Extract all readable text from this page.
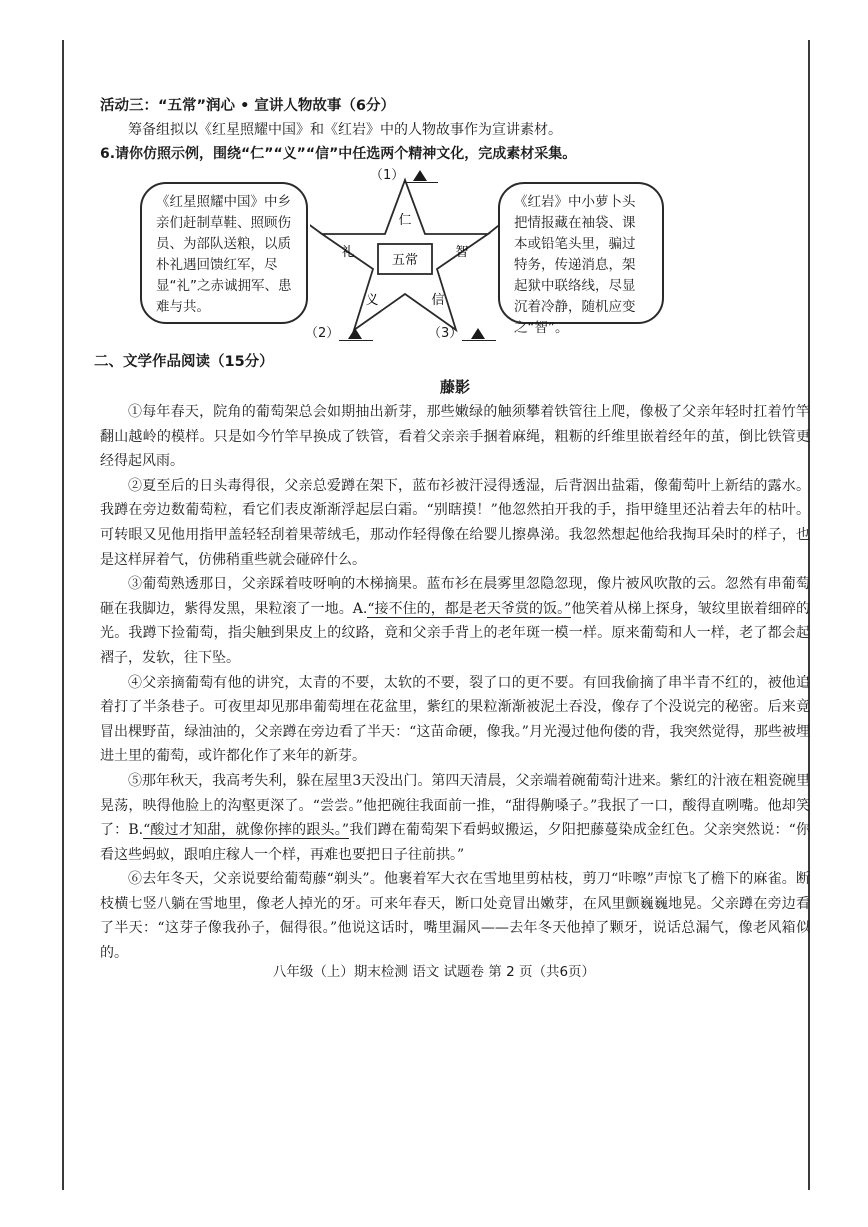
活动三：“五常”润心 • 宣讲人物故事（6分）
筹备组拟以《红星照耀中国》和《红岩》中的人物故事作为宣讲素材。
6.请你仿照示例，围绕“仁”“义”“信”中任选两个精神文化，完成素材采集。
《红星照耀中国》中乡亲们赶制草鞋、照顾伤员、为部队送粮，以质朴礼遇回馈红军，尽显“礼”之赤诚拥军、患难与共。
五常
仁
礼	智
义	信
（1）
（2）	（3）
《红岩》中小萝卜头把情报藏在袖袋、课本或铅笔头里，骗过特务，传递消息，架起狱中联络线，尽显沉着冷静，随机应变之“智”。
二、文学作品阅读（15分）
藤影

①每年春天，院角的葡萄架总会如期抽出新芽，那些嫩绿的触须攀着铁管往上爬，像极了父亲年轻时扛着竹竿翻山越岭的模样。只是如今竹竿早换成了铁管，看着父亲亲手捆着麻绳，粗粝的纤维里嵌着经年的茧，倒比铁管更经得起风雨。

②夏至后的日头毒得很，父亲总爱蹲在架下，蓝布衫被汗浸得透湿，后背洇出盐霜，像葡萄叶上新结的露水。我蹲在旁边数葡萄粒，看它们表皮渐渐浮起层白霜。“别瞎摸！”他忽然拍开我的手，指甲缝里还沾着去年的枯叶。可转眼又见他用指甲盖轻轻刮着果蒂绒毛，那动作轻得像在给婴儿擦鼻涕。我忽然想起他给我掏耳朵时的样子，也是这样屏着气，仿佛稍重些就会碰碎什么。

③葡萄熟透那日，父亲踩着吱呀响的木梯摘果。蓝布衫在晨雾里忽隐忽现，像片被风吹散的云。忽然有串葡萄砸在我脚边，紫得发黑，果粒滚了一地。A.“接不住的，都是老天爷赏的饭。”他笑着从梯上探身，皱纹里嵌着细碎的光。我蹲下捡葡萄，指尖触到果皮上的纹路，竟和父亲手背上的老年斑一模一样。原来葡萄和人一样，老了都会起褶子，发软，往下坠。

④父亲摘葡萄有他的讲究，太青的不要，太软的不要，裂了口的更不要。有回我偷摘了串半青不红的，被他追着打了半条巷子。可夜里却见那串葡萄埋在花盆里，紫红的果粒渐渐被泥土吞没，像存了个没说完的秘密。后来竟冒出棵野苗，绿油油的，父亲蹲在旁边看了半天：“这苗命硬，像我。”月光漫过他佝偻的背，我突然觉得，那些被埋进土里的葡萄，或许都化作了来年的新芽。

⑤那年秋天，我高考失利，躲在屋里3天没出门。第四天清晨，父亲端着碗葡萄汁进来。紫红的汁液在粗瓷碗里晃荡，映得他脸上的沟壑更深了。“尝尝。”他把碗往我面前一推，“甜得齁嗓子。”我抿了一口，酸得直咧嘴。他却笑了：B.“酸过才知甜，就像你摔的跟头。”我们蹲在葡萄架下看蚂蚁搬运，夕阳把藤蔓染成金红色。父亲突然说：“你看这些蚂蚁，跟咱庄稼人一个样，再难也要把日子往前拱。”

⑥去年冬天，父亲说要给葡萄藤“剃头”。他裹着军大衣在雪地里剪枯枝，剪刀“咔嚓”声惊飞了檐下的麻雀。断枝横七竖八躺在雪地里，像老人掉光的牙。可来年春天，断口处竟冒出嫩芽，在风里颤巍巍地晃。父亲蹲在旁边看了半天：“这芽子像我孙子，倔得很。”他说这话时，嘴里漏风——去年冬天他掉了颗牙，说话总漏气，像老风箱似的。

八年级（上）期末检测 语文 试题卷 第 2 页（共6页）
